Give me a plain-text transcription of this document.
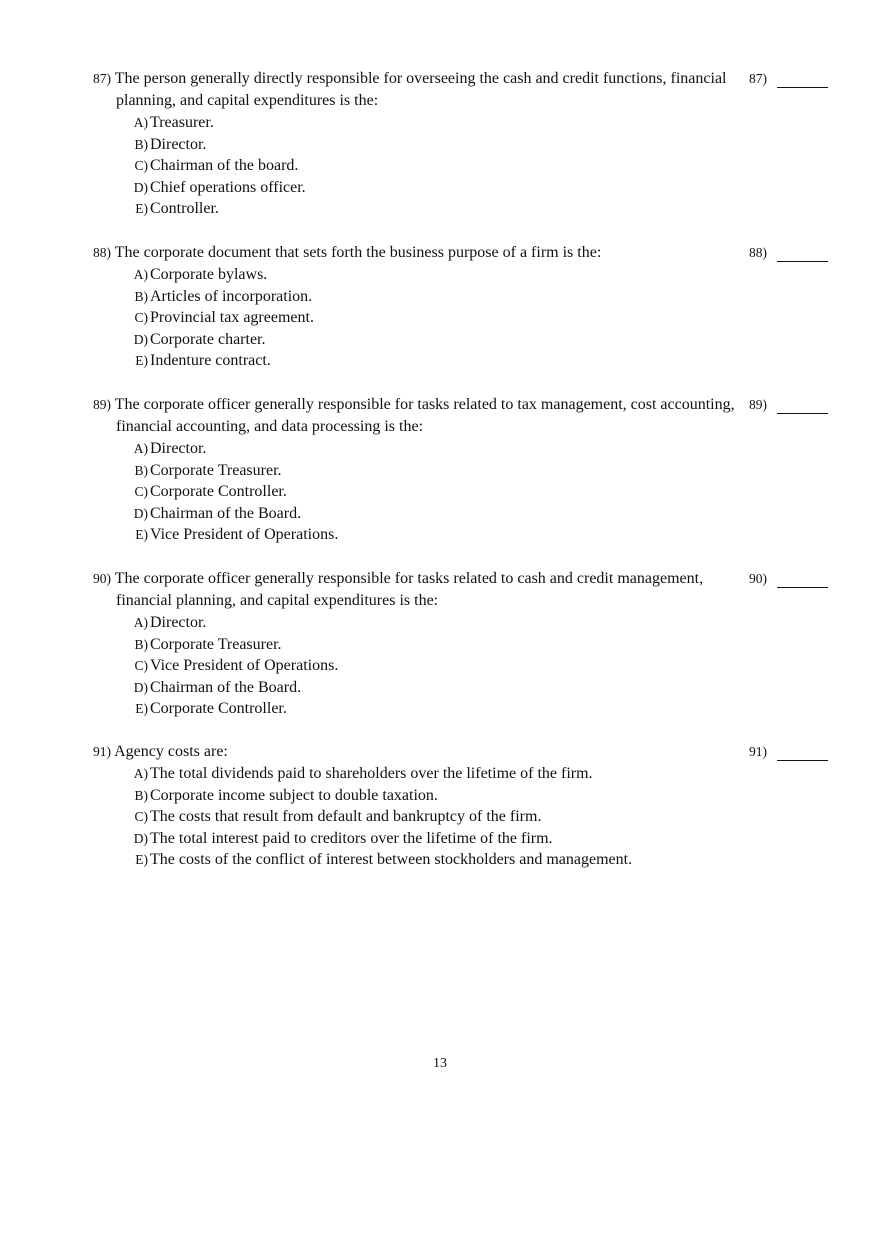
87) The person generally directly responsible for overseeing the cash and credit functions, financial planning, and capital expenditures is the:
A) Treasurer.
B) Director.
C) Chairman of the board.
D) Chief operations officer.
E) Controller.
87)
88) The corporate document that sets forth the business purpose of a firm is the:
A) Corporate bylaws.
B) Articles of incorporation.
C) Provincial tax agreement.
D) Corporate charter.
E) Indenture contract.
88)
89) The corporate officer generally responsible for tasks related to tax management, cost accounting, financial accounting, and data processing is the:
A) Director.
B) Corporate Treasurer.
C) Corporate Controller.
D) Chairman of the Board.
E) Vice President of Operations.
89)
90) The corporate officer generally responsible for tasks related to cash and credit management, financial planning, and capital expenditures is the:
A) Director.
B) Corporate Treasurer.
C) Vice President of Operations.
D) Chairman of the Board.
E) Corporate Controller.
90)
91) Agency costs are:
A) The total dividends paid to shareholders over the lifetime of the firm.
B) Corporate income subject to double taxation.
C) The costs that result from default and bankruptcy of the firm.
D) The total interest paid to creditors over the lifetime of the firm.
E) The costs of the conflict of interest between stockholders and management.
91)
13
